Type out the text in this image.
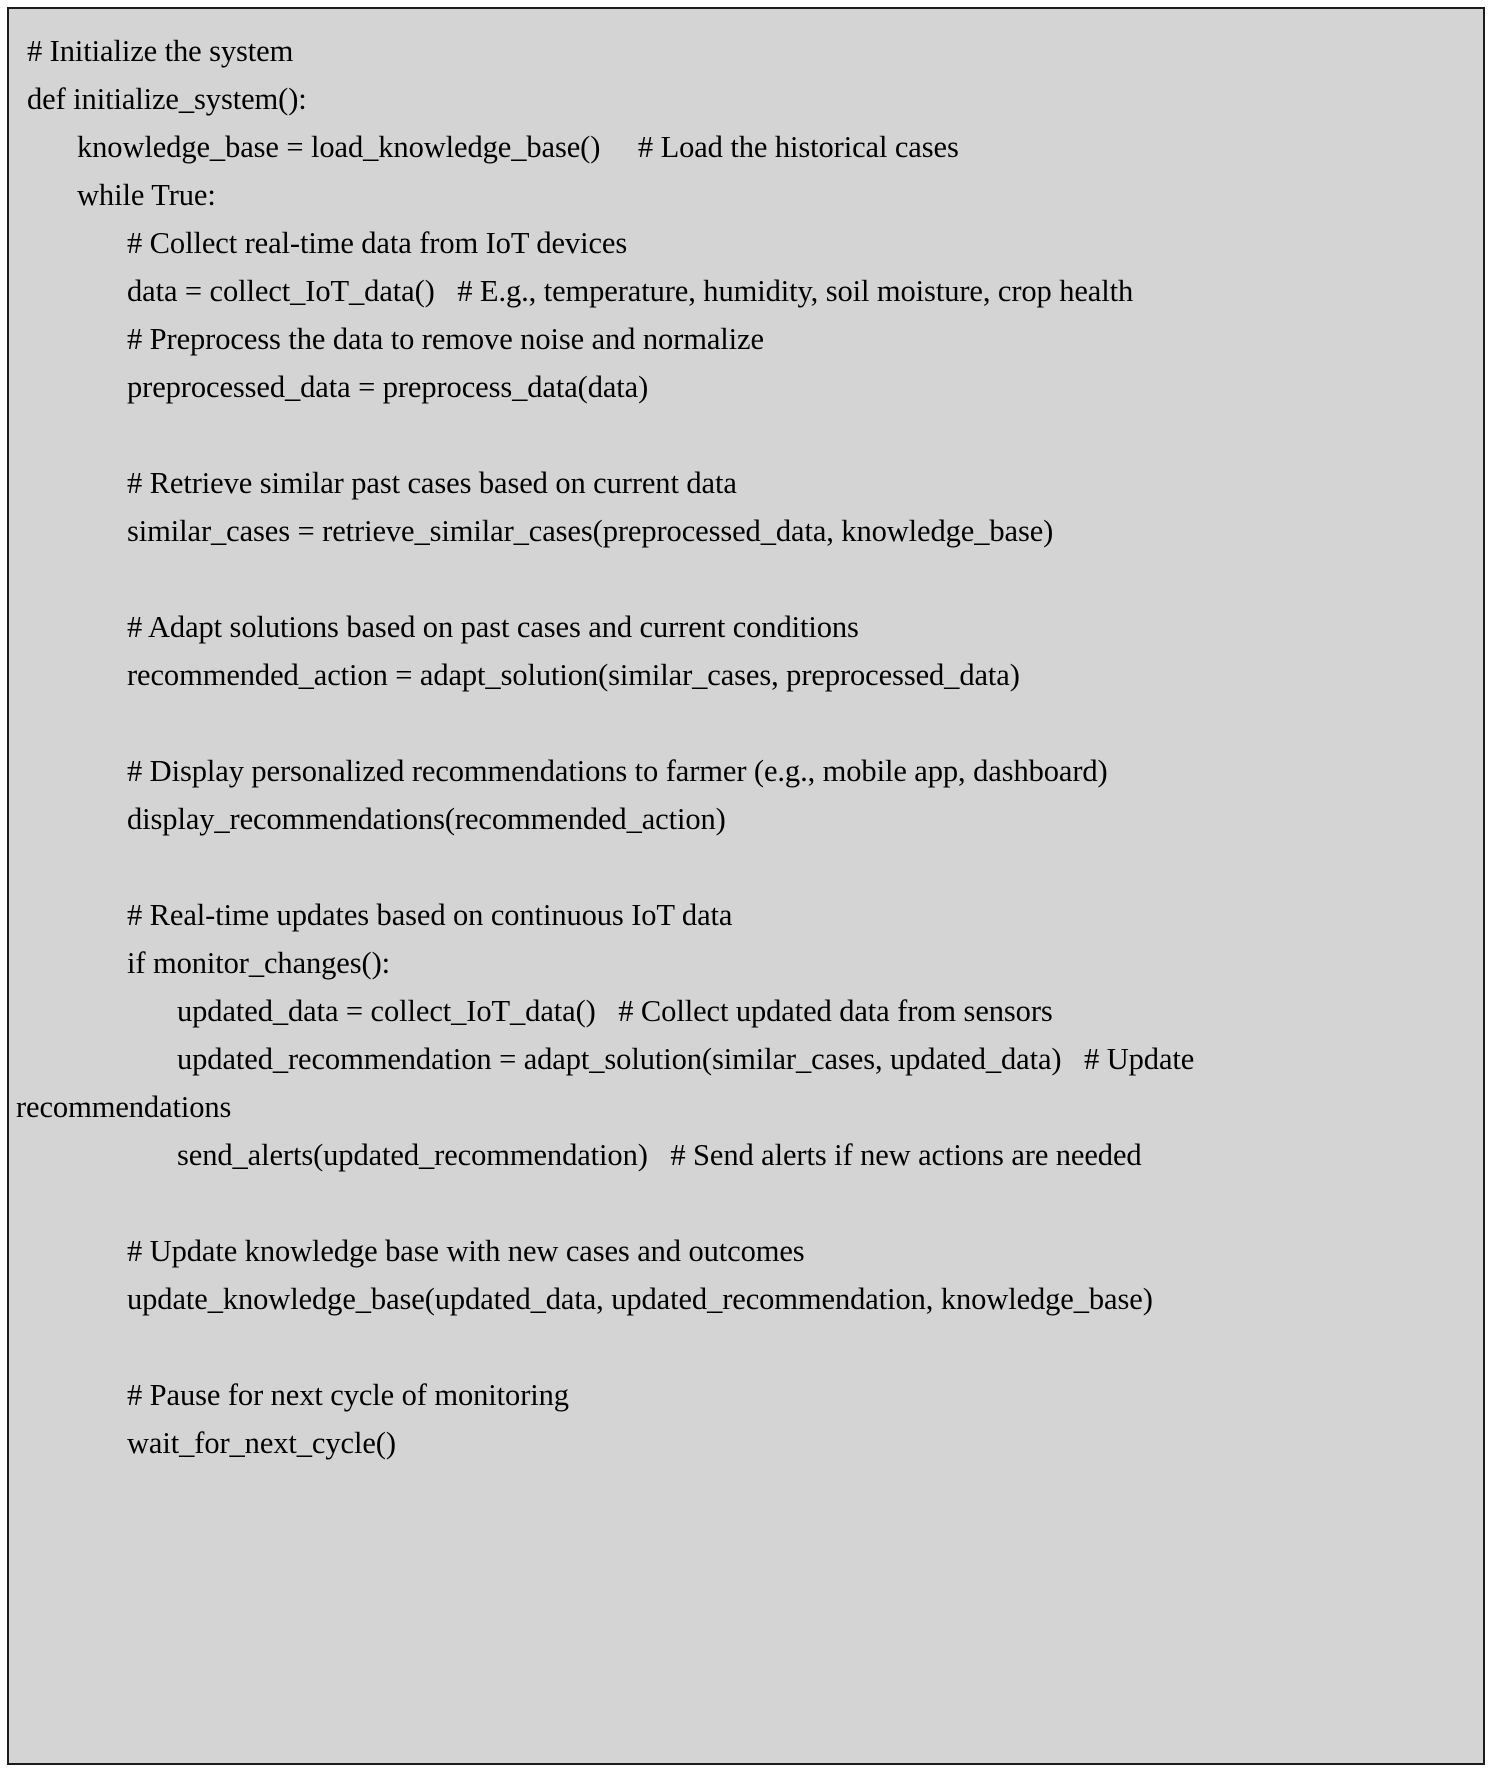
# Initialize the system
def initialize_system():
knowledge_base = load_knowledge_base()     # Load the historical cases
while True:
# Collect real-time data from IoT devices
data = collect_IoT_data()   # E.g., temperature, humidity, soil moisture, crop health
# Preprocess the data to remove noise and normalize
preprocessed_data = preprocess_data(data)
# Retrieve similar past cases based on current data
similar_cases = retrieve_similar_cases(preprocessed_data, knowledge_base)
# Adapt solutions based on past cases and current conditions
recommended_action = adapt_solution(similar_cases, preprocessed_data)
# Display personalized recommendations to farmer (e.g., mobile app, dashboard)
display_recommendations(recommended_action)
# Real-time updates based on continuous IoT data
if monitor_changes():
updated_data = collect_IoT_data()   # Collect updated data from sensors
updated_recommendation = adapt_solution(similar_cases, updated_data)   # Update
recommendations
send_alerts(updated_recommendation)   # Send alerts if new actions are needed
# Update knowledge base with new cases and outcomes
update_knowledge_base(updated_data, updated_recommendation, knowledge_base)
# Pause for next cycle of monitoring
wait_for_next_cycle()
